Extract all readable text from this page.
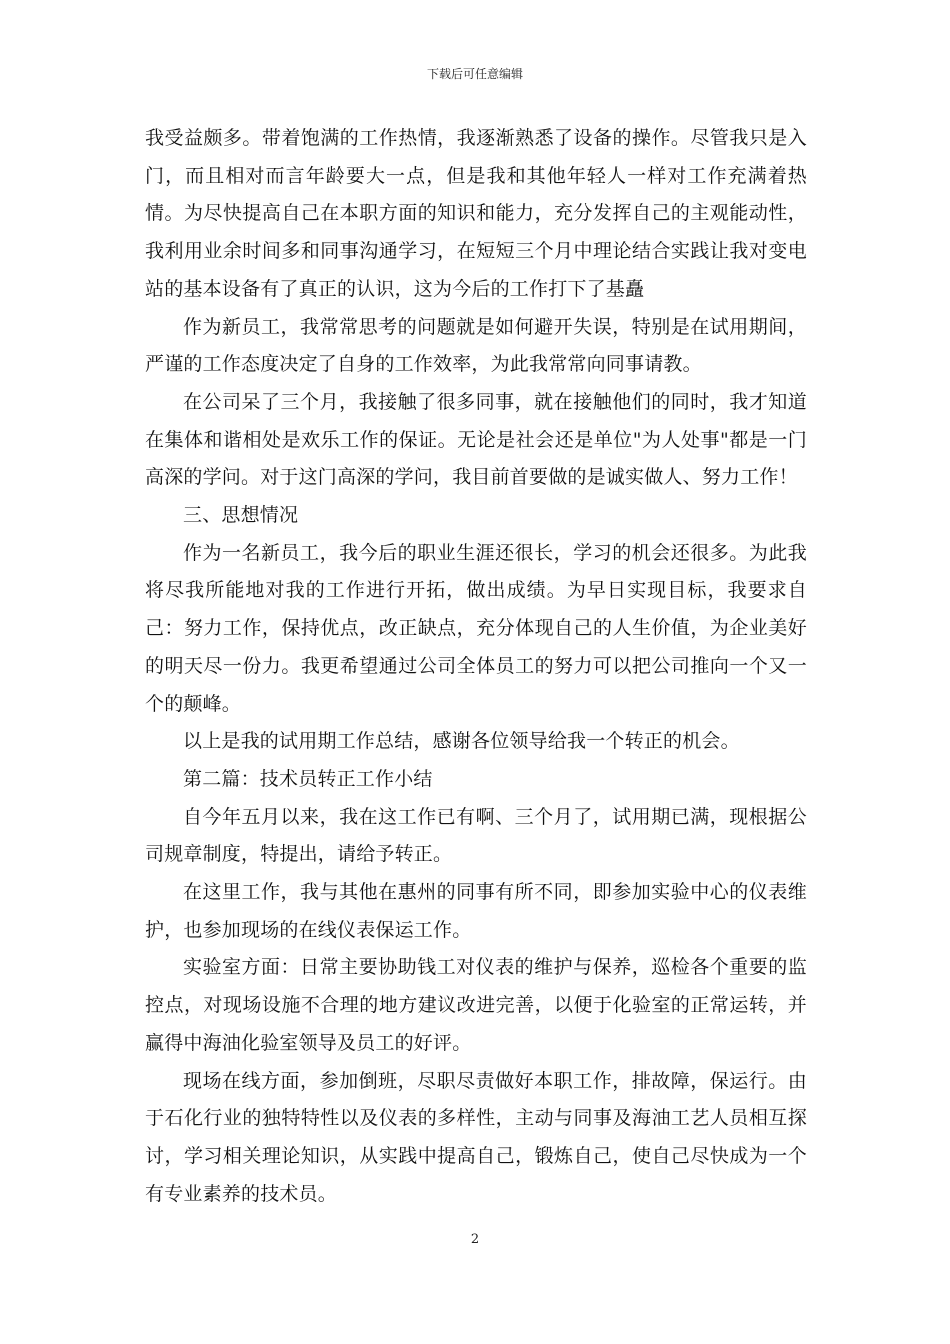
下载后可任意编辑

我受益颇多。带着饱满的工作热情，我逐渐熟悉了设备的操作。尽管我只是入门，而且相对而言年龄要大一点，但是我和其他年轻人一样对工作充满着热情。为尽快提高自己在本职方面的知识和能力，充分发挥自己的主观能动性，我利用业余时间多和同事沟通学习，在短短三个月中理论结合实践让我对变电站的基本设备有了真正的认识，这为今后的工作打下了基矗

作为新员工，我常常思考的问题就是如何避开失误，特别是在试用期间，严谨的工作态度决定了自身的工作效率，为此我常常向同事请教。

在公司呆了三个月，我接触了很多同事，就在接触他们的同时，我才知道在集体和谐相处是欢乐工作的保证。无论是社会还是单位"为人处事"都是一门高深的学问。对于这门高深的学问，我目前首要做的是诚实做人、努力工作！

三、思想情况

作为一名新员工，我今后的职业生涯还很长，学习的机会还很多。为此我将尽我所能地对我的工作进行开拓，做出成绩。为早日实现目标，我要求自己：努力工作，保持优点，改正缺点，充分体现自己的人生价值，为企业美好的明天尽一份力。我更希望通过公司全体员工的努力可以把公司推向一个又一个的颠峰。

以上是我的试用期工作总结，感谢各位领导给我一个转正的机会。

第二篇：技术员转正工作小结

自今年五月以来，我在这工作已有啊、三个月了，试用期已满，现根据公司规章制度，特提出，请给予转正。

在这里工作，我与其他在惠州的同事有所不同，即参加实验中心的仪表维护，也参加现场的在线仪表保运工作。

实验室方面：日常主要协助钱工对仪表的维护与保养，巡检各个重要的监控点，对现场设施不合理的地方建议改进完善，以便于化验室的正常运转，并赢得中海油化验室领导及员工的好评。

现场在线方面，参加倒班，尽职尽责做好本职工作，排故障，保运行。由于石化行业的独特特性以及仪表的多样性，主动与同事及海油工艺人员相互探讨，学习相关理论知识，从实践中提高自己，锻炼自己，使自己尽快成为一个有专业素养的技术员。

2
